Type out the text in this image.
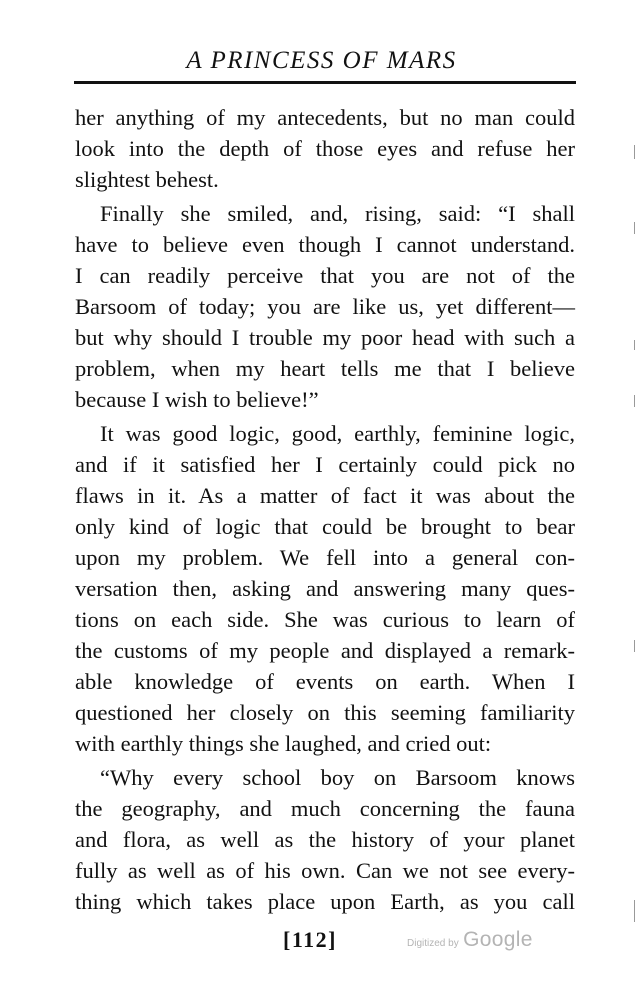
A PRINCESS OF MARS
her anything of my antecedents, but no man could
look into the depth of those eyes and refuse her
slightest behest.
Finally she smiled, and, rising, said: “I shall
have to believe even though I cannot understand.
I can readily perceive that you are not of the
Barsoom of today; you are like us, yet different—
but why should I trouble my poor head with such a
problem, when my heart tells me that I believe
because I wish to believe!”
It was good logic, good, earthly, feminine logic,
and if it satisfied her I certainly could pick no
flaws in it. As a matter of fact it was about the
only kind of logic that could be brought to bear
upon my problem. We fell into a general con-
versation then, asking and answering many ques-
tions on each side. She was curious to learn of
the customs of my people and displayed a remark-
able knowledge of events on earth. When I
questioned her closely on this seeming familiarity
with earthly things she laughed, and cried out:
“Why every school boy on Barsoom knows
the geography, and much concerning the fauna
and flora, as well as the history of your planet
fully as well as of his own. Can we not see every-
thing which takes place upon Earth, as you call
[112]	Digitized by Google
